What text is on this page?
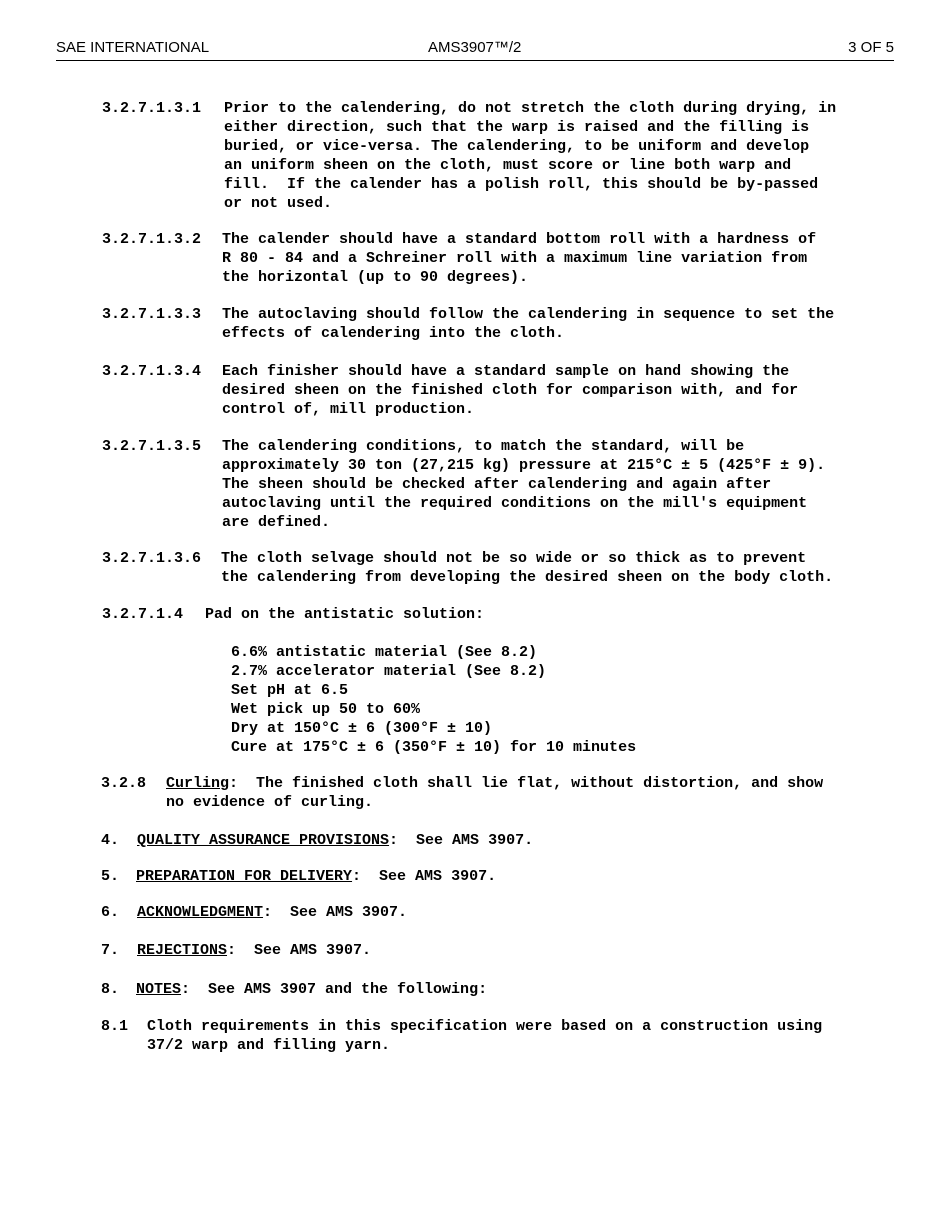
SAE INTERNATIONAL	AMS3907™/2	3 OF 5
3.2.7.1.3.1 Prior to the calendering, do not stretch the cloth during drying, in
either direction, such that the warp is raised and the filling is
buried, or vice-versa. The calendering, to be uniform and develop
an uniform sheen on the cloth, must score or line both warp and
fill.  If the calender has a polish roll, this should be by-passed
or not used.
3.2.7.1.3.2 The calender should have a standard bottom roll with a hardness of
R 80 - 84 and a Schreiner roll with a maximum line variation from
the horizontal (up to 90 degrees).
3.2.7.1.3.3 The autoclaving should follow the calendering in sequence to set the
effects of calendering into the cloth.
3.2.7.1.3.4 Each finisher should have a standard sample on hand showing the
desired sheen on the finished cloth for comparison with, and for
control of, mill production.
3.2.7.1.3.5 The calendering conditions, to match the standard, will be
approximately 30 ton (27,215 kg) pressure at 215°C ± 5 (425°F ± 9).
The sheen should be checked after calendering and again after
autoclaving until the required conditions on the mill's equipment
are defined.
3.2.7.1.3.6 The cloth selvage should not be so wide or so thick as to prevent
the calendering from developing the desired sheen on the body cloth.
3.2.7.1.4 Pad on the antistatic solution:
6.6% antistatic material (See 8.2)
2.7% accelerator material (See 8.2)
Set pH at 6.5
Wet pick up 50 to 60%
Dry at 150°C ± 6 (300°F ± 10)
Cure at 175°C ± 6 (350°F ± 10) for 10 minutes
3.2.8 Curling:  The finished cloth shall lie flat, without distortion, and show
no evidence of curling.
4. QUALITY ASSURANCE PROVISIONS:  See AMS 3907.
5. PREPARATION FOR DELIVERY:  See AMS 3907.
6. ACKNOWLEDGMENT:  See AMS 3907.
7. REJECTIONS:  See AMS 3907.
8. NOTES:  See AMS 3907 and the following:
8.1 Cloth requirements in this specification were based on a construction using
37/2 warp and filling yarn.
